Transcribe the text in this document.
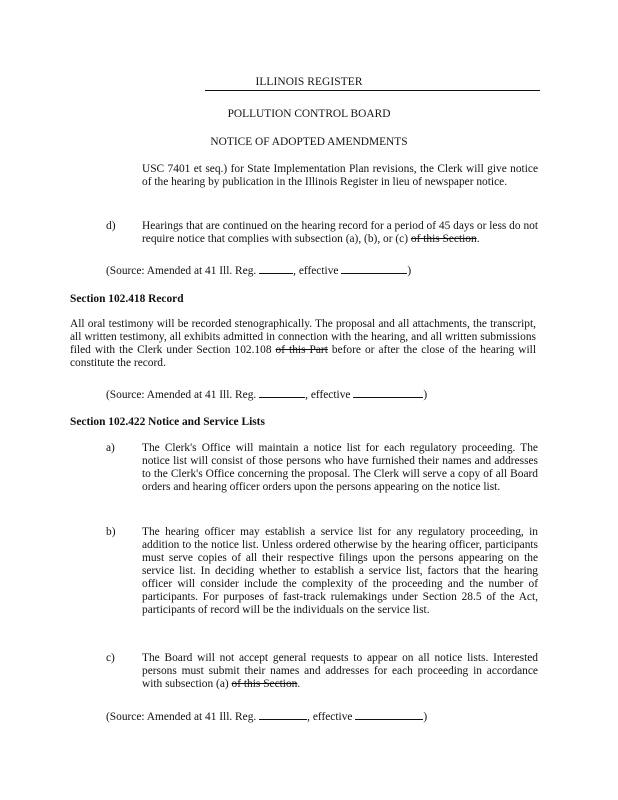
ILLINOIS REGISTER
POLLUTION CONTROL BOARD
NOTICE OF ADOPTED AMENDMENTS

USC 7401 et seq.) for State Implementation Plan revisions, the Clerk will give notice of the hearing by publication in the Illinois Register in lieu of newspaper notice.

d) Hearings that are continued on the hearing record for a period of 45 days or less do not require notice that complies with subsection (a), (b), or (c) of this Section.

(Source: Amended at 41 Ill. Reg.	, effective	)
Section 102.418 Record

All oral testimony will be recorded stenographically. The proposal and all attachments, the transcript, all written testimony, all exhibits admitted in connection with the hearing, and all written submissions filed with the Clerk under Section 102.108 of this Part before or after the close of the hearing will constitute the record.

(Source: Amended at 41 Ill. Reg.	, effective	)
Section 102.422 Notice and Service Lists
a) The Clerk's Office will maintain a notice list for each regulatory proceeding. The notice list will consist of those persons who have furnished their names and addresses to the Clerk's Office concerning the proposal. The Clerk will serve a copy of all Board orders and hearing officer orders upon the persons appearing on the notice list.

b) The hearing officer may establish a service list for any regulatory proceeding, in addition to the notice list. Unless ordered otherwise by the hearing officer, participants must serve copies of all their respective filings upon the persons appearing on the service list. In deciding whether to establish a service list, factors that the hearing officer will consider include the complexity of the proceeding and the number of participants. For purposes of fast-track rulemakings under Section 28.5 of the Act, participants of record will be the individuals on the service list.

c) The Board will not accept general requests to appear on all notice lists. Interested persons must submit their names and addresses for each proceeding in accordance with subsection (a) of this Section.

(Source: Amended at 41 Ill. Reg.	, effective	)
